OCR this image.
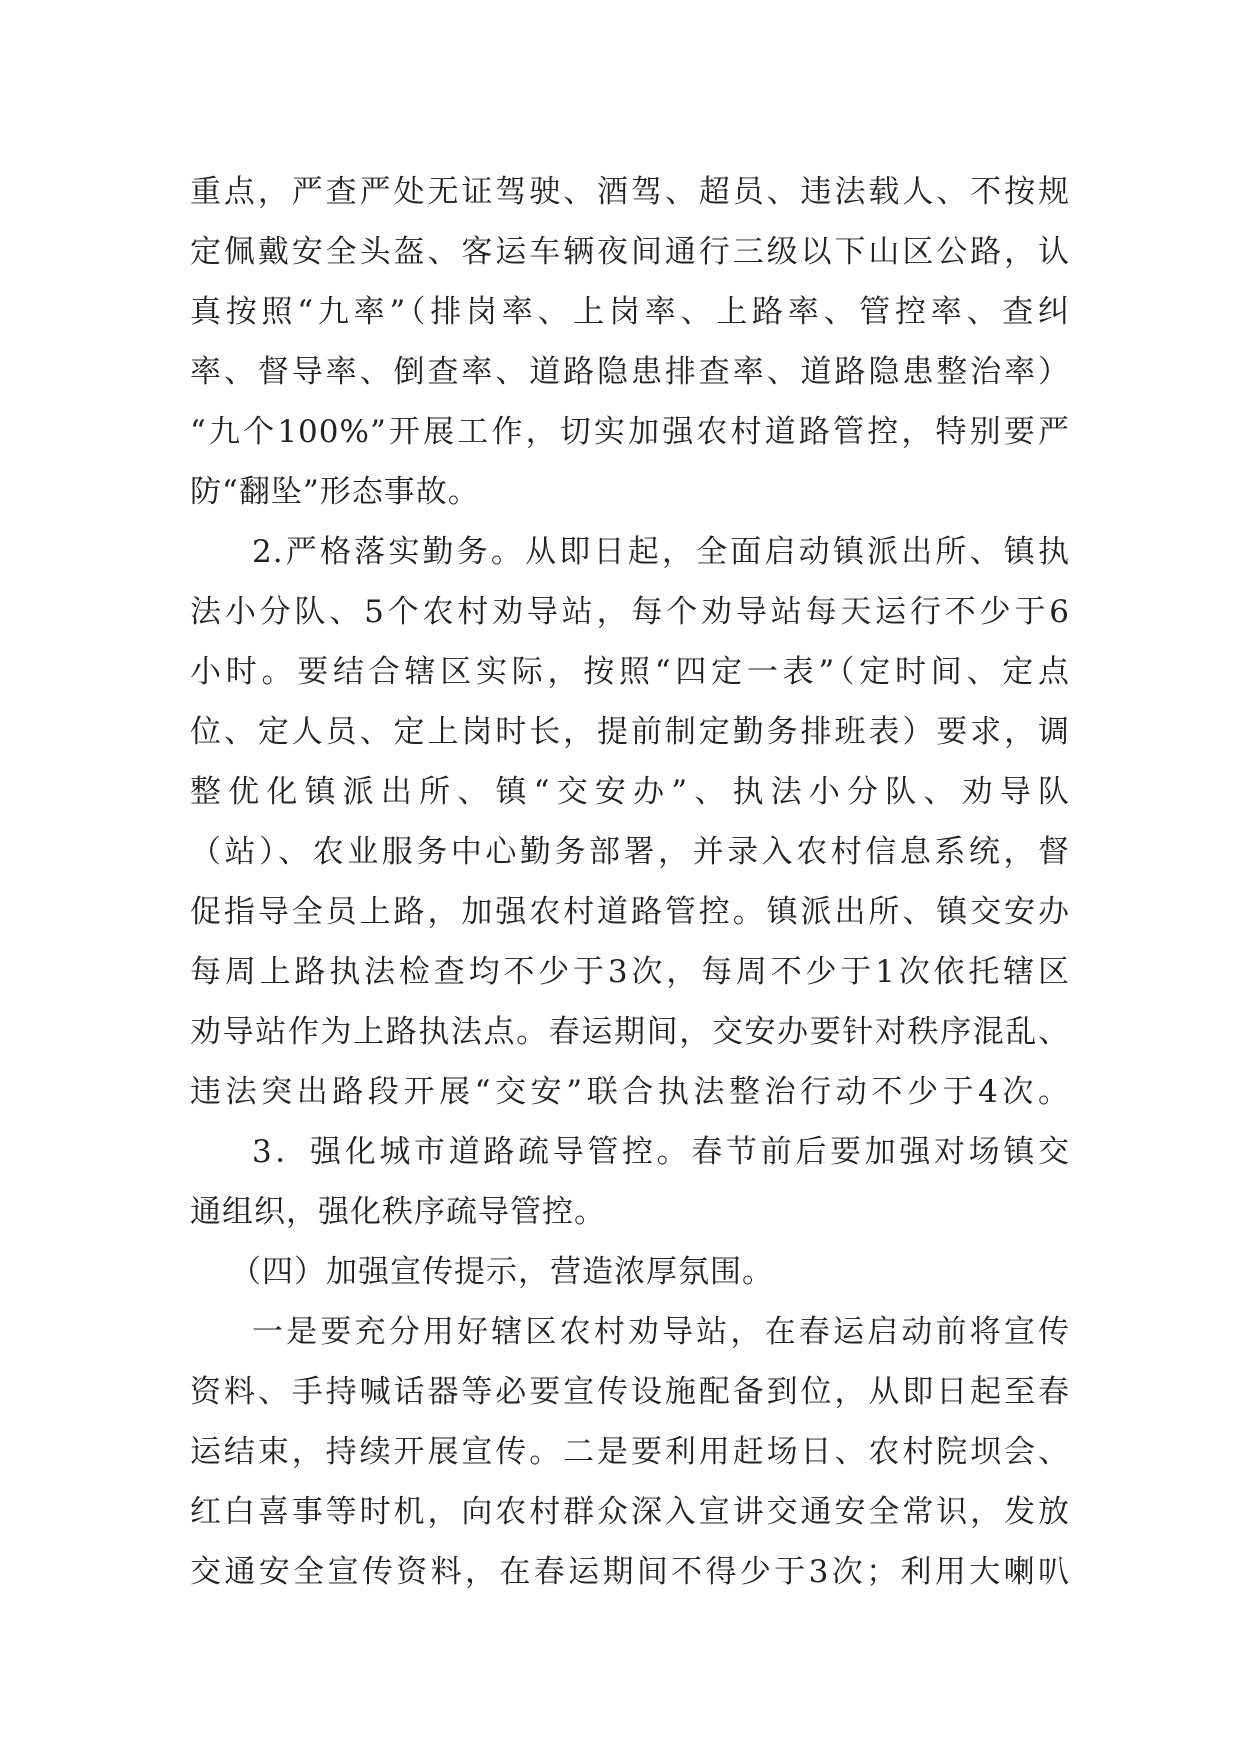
重点，严查严处无证驾驶、酒驾、超员、违法载人、不按规
定佩戴安全头盔、客运车辆夜间通行三级以下山区公路，认
真按照“九率”（排岗率、上岗率、上路率、管控率、查纠
率、督导率、倒查率、道路隐患排查率、道路隐患整治率）
“九个100%”开展工作，切实加强农村道路管控，特别要严
防“翻坠”形态事故。
2.严格落实勤务。从即日起，全面启动镇派出所、镇执
法小分队、5个农村劝导站，每个劝导站每天运行不少于6
小时。要结合辖区实际，按照“四定一表”（定时间、定点
位、定人员、定上岗时长，提前制定勤务排班表）要求，调
整优化镇派出所、镇“交安办”、执法小分队、劝导队
（站）、农业服务中心勤务部署，并录入农村信息系统，督
促指导全员上路，加强农村道路管控。镇派出所、镇交安办
每周上路执法检查均不少于3次，每周不少于1次依托辖区
劝导站作为上路执法点。春运期间，交安办要针对秩序混乱、
违法突出路段开展“交安”联合执法整治行动不少于4次。
3．强化城市道路疏导管控。春节前后要加强对场镇交
通组织，强化秩序疏导管控。
（四）加强宣传提示，营造浓厚氛围。
一是要充分用好辖区农村劝导站，在春运启动前将宣传
资料、手持喊话器等必要宣传设施配备到位，从即日起至春
运结束，持续开展宣传。二是要利用赶场日、农村院坝会、
红白喜事等时机，向农村群众深入宣讲交通安全常识，发放
交通安全宣传资料，在春运期间不得少于3次；利用大喇叭
